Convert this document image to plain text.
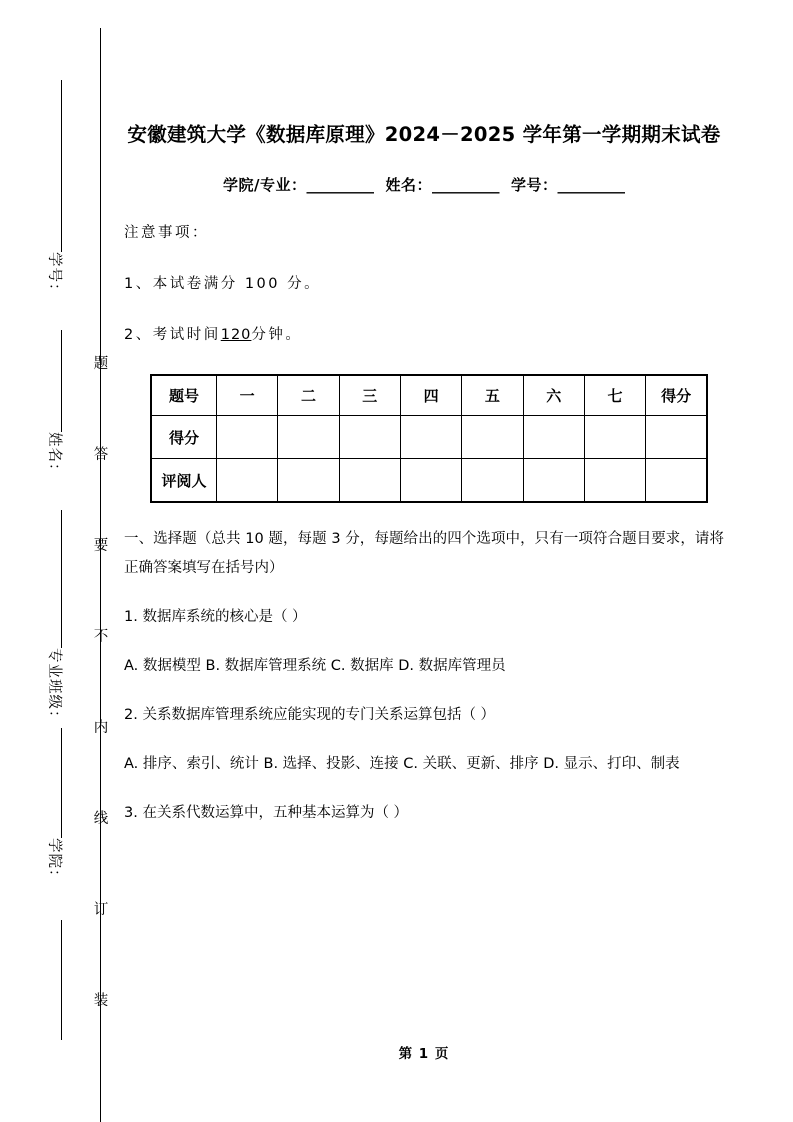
学号：
姓名：
专业班级：
学院：
题
答
要
不
内
线
订
装
安徽建筑大学《数据库原理》2024－2025 学年第一学期期末试卷
学院/专业：_________ 姓名：_________ 学号：_________
注意事项：
1、本试卷满分 100 分。
2、考试时间120分钟。
题号	一	二	三	四	五	六	七	得分
得分								
评阅人								
一、选择题（总共 10 题，每题 3 分，每题给出的四个选项中，只有一项符合题目要求，请将正确答案填写在括号内）
1. 数据库系统的核心是（ ）
A. 数据模型 B. 数据库管理系统 C. 数据库 D. 数据库管理员
2. 关系数据库管理系统应能实现的专门关系运算包括（ ）
A. 排序、索引、统计 B. 选择、投影、连接 C. 关联、更新、排序 D. 显示、打印、制表
3. 在关系代数运算中，五种基本运算为（ ）
第 1 页
